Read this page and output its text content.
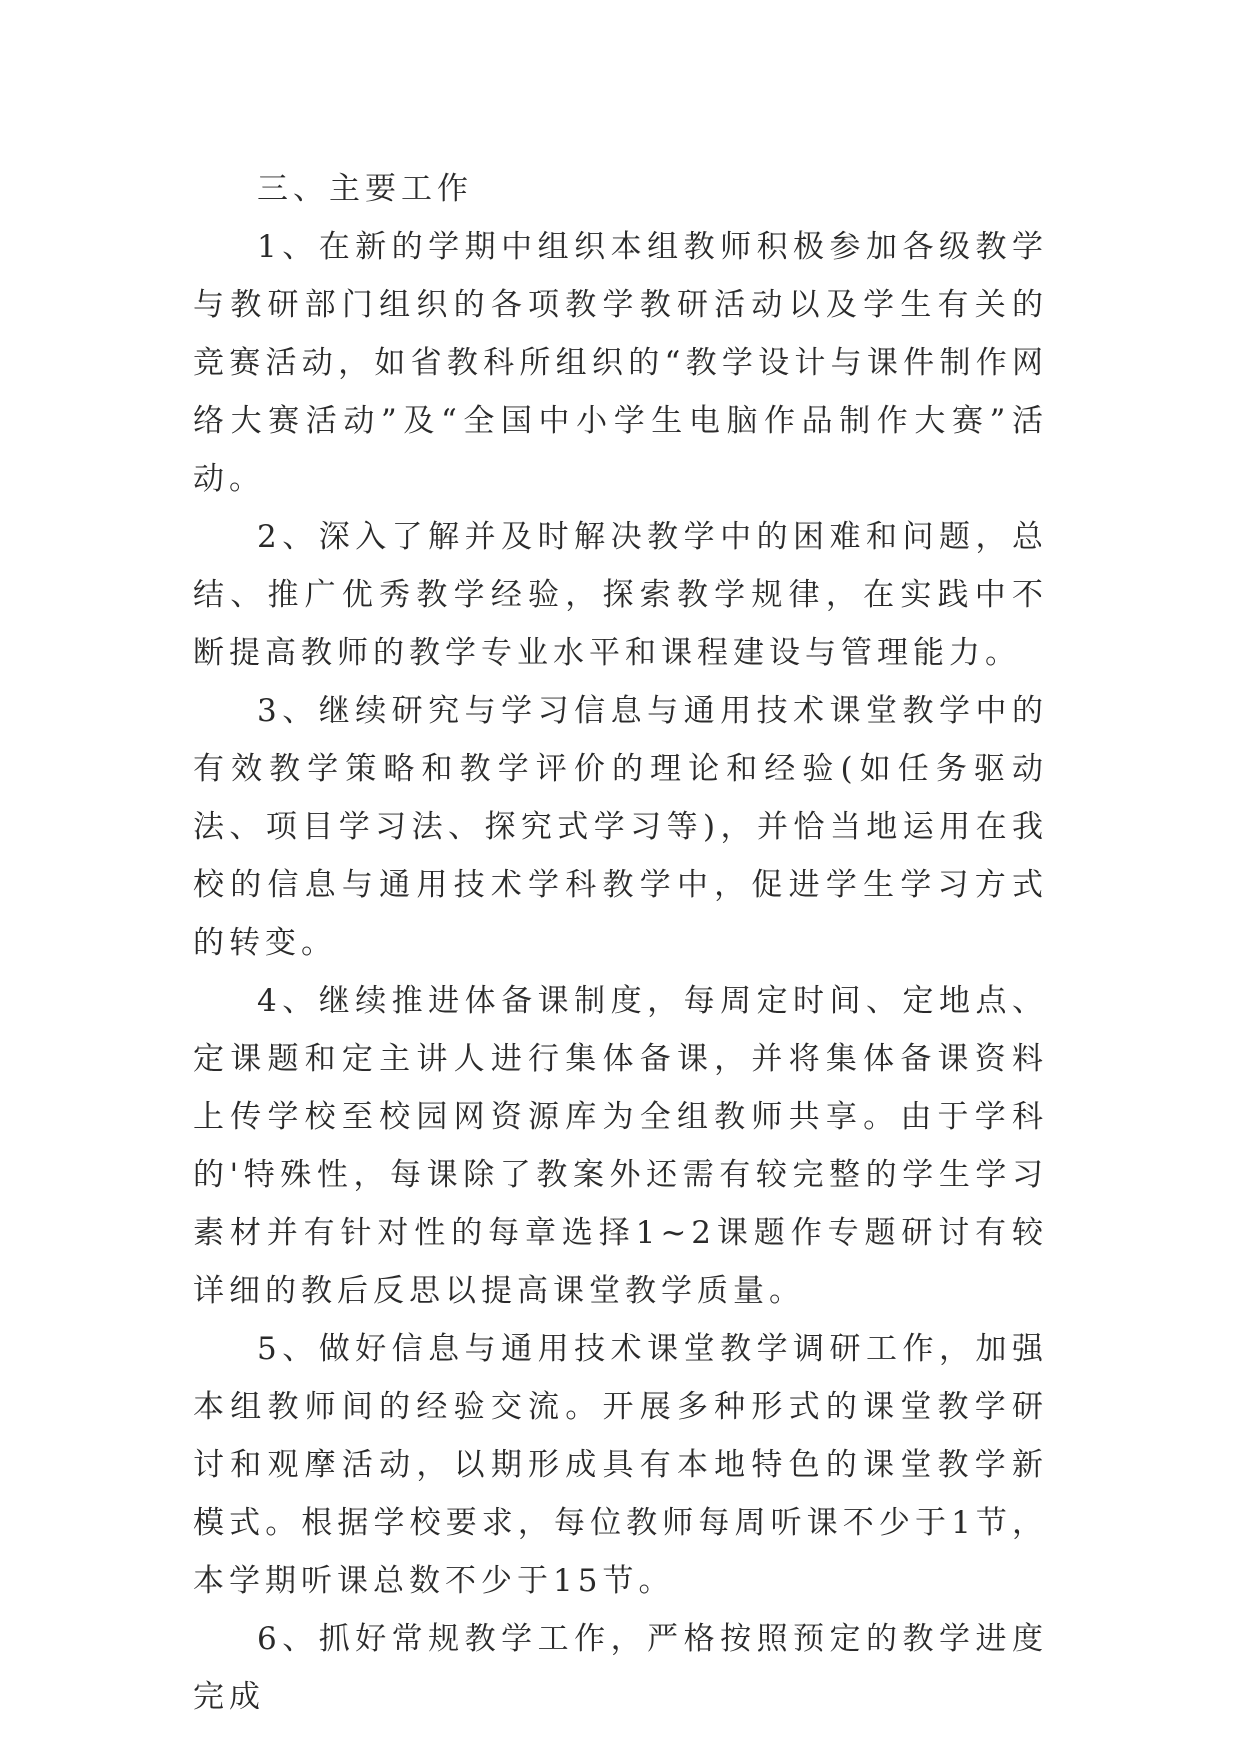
三、主要工作

1、在新的学期中组织本组教师积极参加各级教学与教研部门组织的各项教学教研活动以及学生有关的竞赛活动，如省教科所组织的“教学设计与课件制作网络大赛活动”及“全国中小学生电脑作品制作大赛”活动。

2、深入了解并及时解决教学中的困难和问题，总结、推广优秀教学经验，探索教学规律，在实践中不断提高教师的教学专业水平和课程建设与管理能力。

3、继续研究与学习信息与通用技术课堂教学中的有效教学策略和教学评价的理论和经验(如任务驱动法、项目学习法、探究式学习等)，并恰当地运用在我校的信息与通用技术学科教学中，促进学生学习方式的转变。

4、继续推进体备课制度，每周定时间、定地点、定课题和定主讲人进行集体备课，并将集体备课资料上传学校至校园网资源库为全组教师共享。由于学科的'特殊性，每课除了教案外还需有较完整的学生学习素材并有针对性的每章选择1~2课题作专题研讨有较详细的教后反思以提高课堂教学质量。

5、做好信息与通用技术课堂教学调研工作，加强本组教师间的经验交流。开展多种形式的课堂教学研讨和观摩活动，以期形成具有本地特色的课堂教学新模式。根据学校要求，每位教师每周听课不少于1节，本学期听课总数不少于15节。

6、抓好常规教学工作，严格按照预定的教学进度完成
